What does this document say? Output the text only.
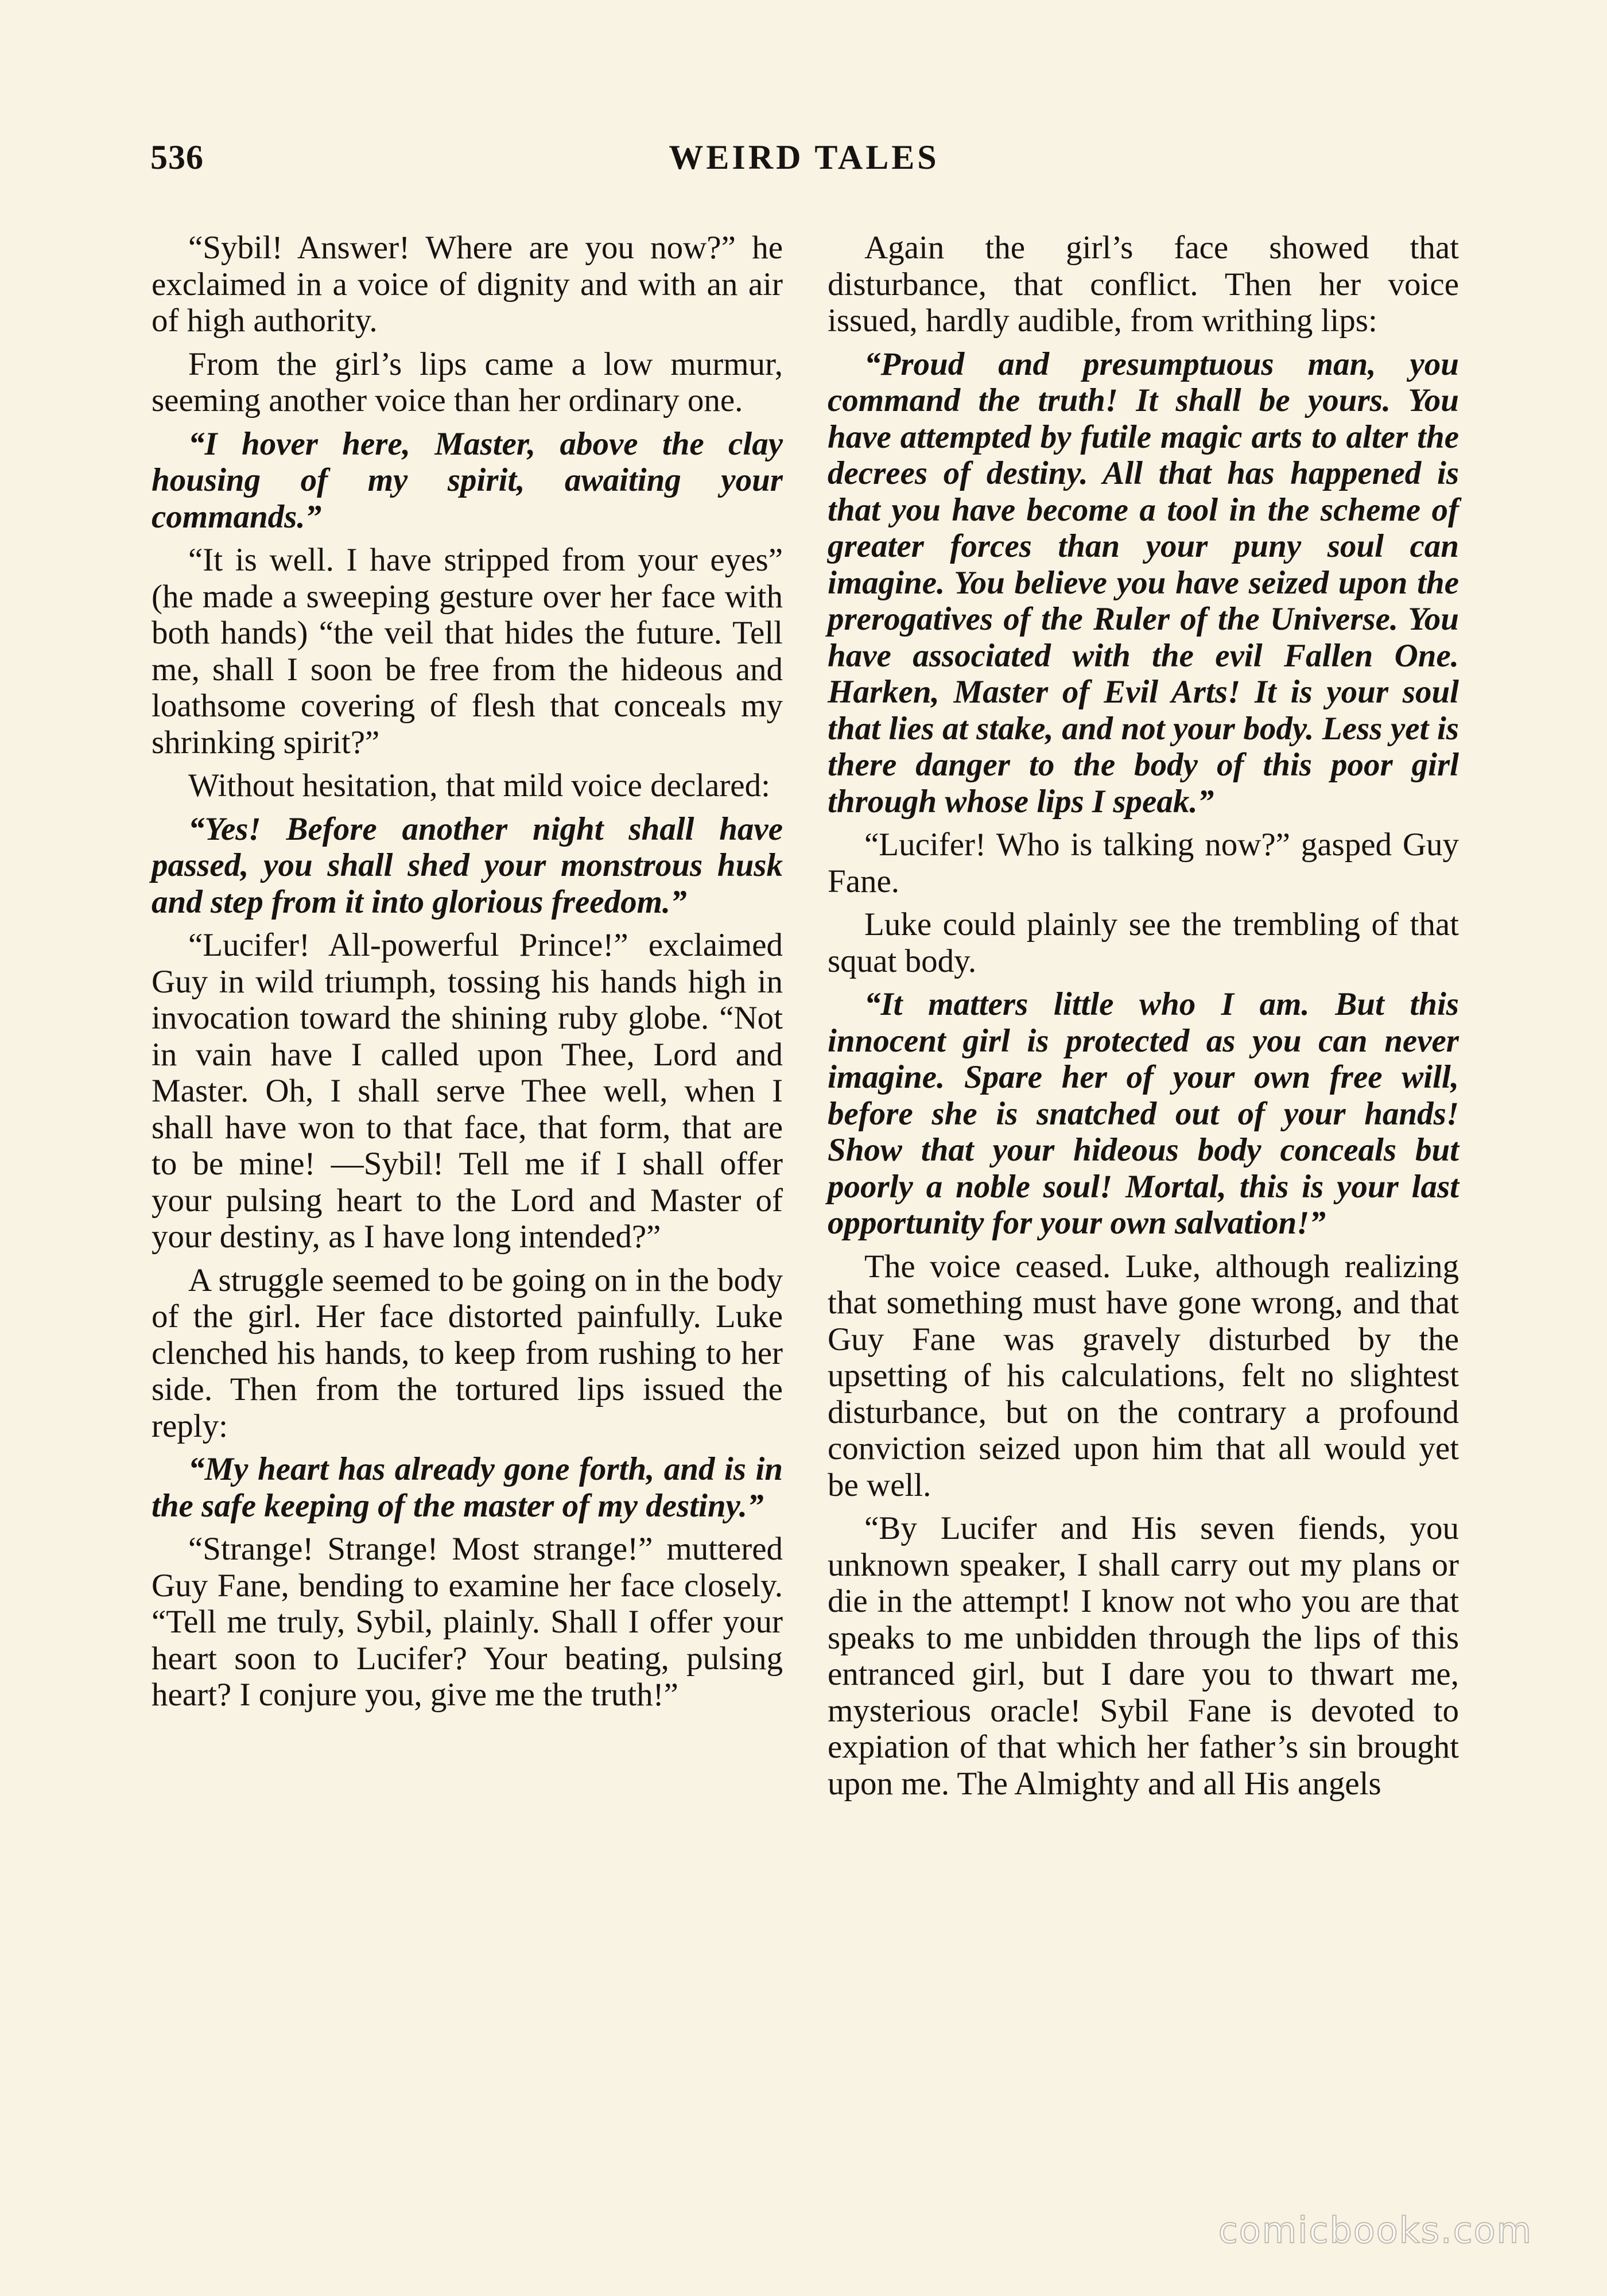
536	WEIRD TALES

“Sybil! Answer! Where are you now?” he exclaimed in a voice of dignity and with an air of high authority.

From the girl’s lips came a low murmur, seeming another voice than her ordinary one.

“I hover here, Master, above the clay housing of my spirit, awaiting your commands.”

“It is well. I have stripped from your eyes” (he made a sweeping gesture over her face with both hands) “the veil that hides the future. Tell me, shall I soon be free from the hideous and loathsome covering of flesh that conceals my shrinking spirit?”

Without hesitation, that mild voice declared:

“Yes! Before another night shall have passed, you shall shed your monstrous husk and step from it into glorious freedom.”

“Lucifer! All-powerful Prince!” exclaimed Guy in wild triumph, tossing his hands high in invocation toward the shining ruby globe. “Not in vain have I called upon Thee, Lord and Master. Oh, I shall serve Thee well, when I shall have won to that face, that form, that are to be mine! —Sybil! Tell me if I shall offer your pulsing heart to the Lord and Master of your destiny, as I have long intended?”

A struggle seemed to be going on in the body of the girl. Her face distorted painfully. Luke clenched his hands, to keep from rushing to her side. Then from the tortured lips issued the reply:

“My heart has already gone forth, and is in the safe keeping of the master of my destiny.”

“Strange! Strange! Most strange!” muttered Guy Fane, bending to examine her face closely. “Tell me truly, Sybil, plainly. Shall I offer your heart soon to Lucifer? Your beating, pulsing heart? I conjure you, give me the truth!”

Again the girl’s face showed that disturbance, that conflict. Then her voice issued, hardly audible, from writhing lips:

“Proud and presumptuous man, you command the truth! It shall be yours. You have attempted by futile magic arts to alter the decrees of destiny. All that has happened is that you have become a tool in the scheme of greater forces than your puny soul can imagine. You believe you have seized upon the prerogatives of the Ruler of the Universe. You have associated with the evil Fallen One. Harken, Master of Evil Arts! It is your soul that lies at stake, and not your body. Less yet is there danger to the body of this poor girl through whose lips I speak.”

“Lucifer! Who is talking now?” gasped Guy Fane.

Luke could plainly see the trembling of that squat body.

“It matters little who I am. But this innocent girl is protected as you can never imagine. Spare her of your own free will, before she is snatched out of your hands! Show that your hideous body conceals but poorly a noble soul! Mortal, this is your last opportunity for your own salvation!”

The voice ceased. Luke, although realizing that something must have gone wrong, and that Guy Fane was gravely disturbed by the upsetting of his calculations, felt no slightest disturbance, but on the contrary a profound conviction seized upon him that all would yet be well.

“By Lucifer and His seven fiends, you unknown speaker, I shall carry out my plans or die in the attempt! I know not who you are that speaks to me unbidden through the lips of this entranced girl, but I dare you to thwart me, mysterious oracle! Sybil Fane is devoted to expiation of that which her father’s sin brought upon me. The Almighty and all His angels

comicbooks.com
